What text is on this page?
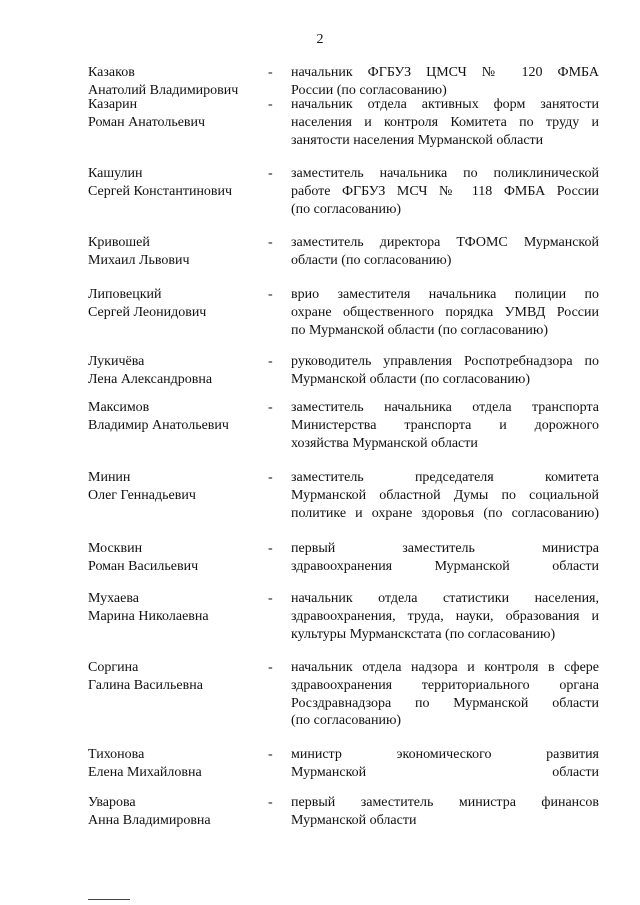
2
Казаков
Анатолий Владимирович
- начальник ФГБУЗ ЦМСЧ № 120 ФМБА
России (по согласованию)
Казарин
Роман Анатольевич
- начальник отдела активных форм занятости
населения и контроля Комитета по труду и
занятости населения Мурманской области
Кашулин
Сергей Константинович
- заместитель начальника по поликлинической
работе ФГБУЗ МСЧ № 118 ФМБА России
(по согласованию)
Кривошей
Михаил Львович
- заместитель директора ТФОМС Мурманской
области (по согласованию)
Липовецкий
Сергей Леонидович
- врио заместителя начальника полиции по
охране общественного порядка УМВД России
по Мурманской области (по согласованию)
Лукичёва
Лена Александровна
- руководитель управления Роспотребнадзора по
Мурманской области (по согласованию)
Максимов
Владимир Анатольевич
- заместитель начальника отдела транспорта
Министерства транспорта и дорожного
хозяйства Мурманской области
Минин
Олег Геннадьевич
- заместитель председателя комитета
Мурманской областной Думы по социальной
политике и охране здоровья (по согласованию)
Москвин
Роман Васильевич
- первый заместитель министра
здравоохранения Мурманской области
Мухаева
Марина Николаевна
- начальник отдела статистики населения,
здравоохранения, труда, науки, образования и
культуры Мурманскстата (по согласованию)
Соргина
Галина Васильевна
- начальник отдела надзора и контроля в сфере
здравоохранения территориального органа
Росздравнадзора по Мурманской области
(по согласованию)
Тихонова
Елена Михайловна
- министр экономического развития
Мурманской области
Уварова
Анна Владимировна
- первый заместитель министра финансов
Мурманской области
